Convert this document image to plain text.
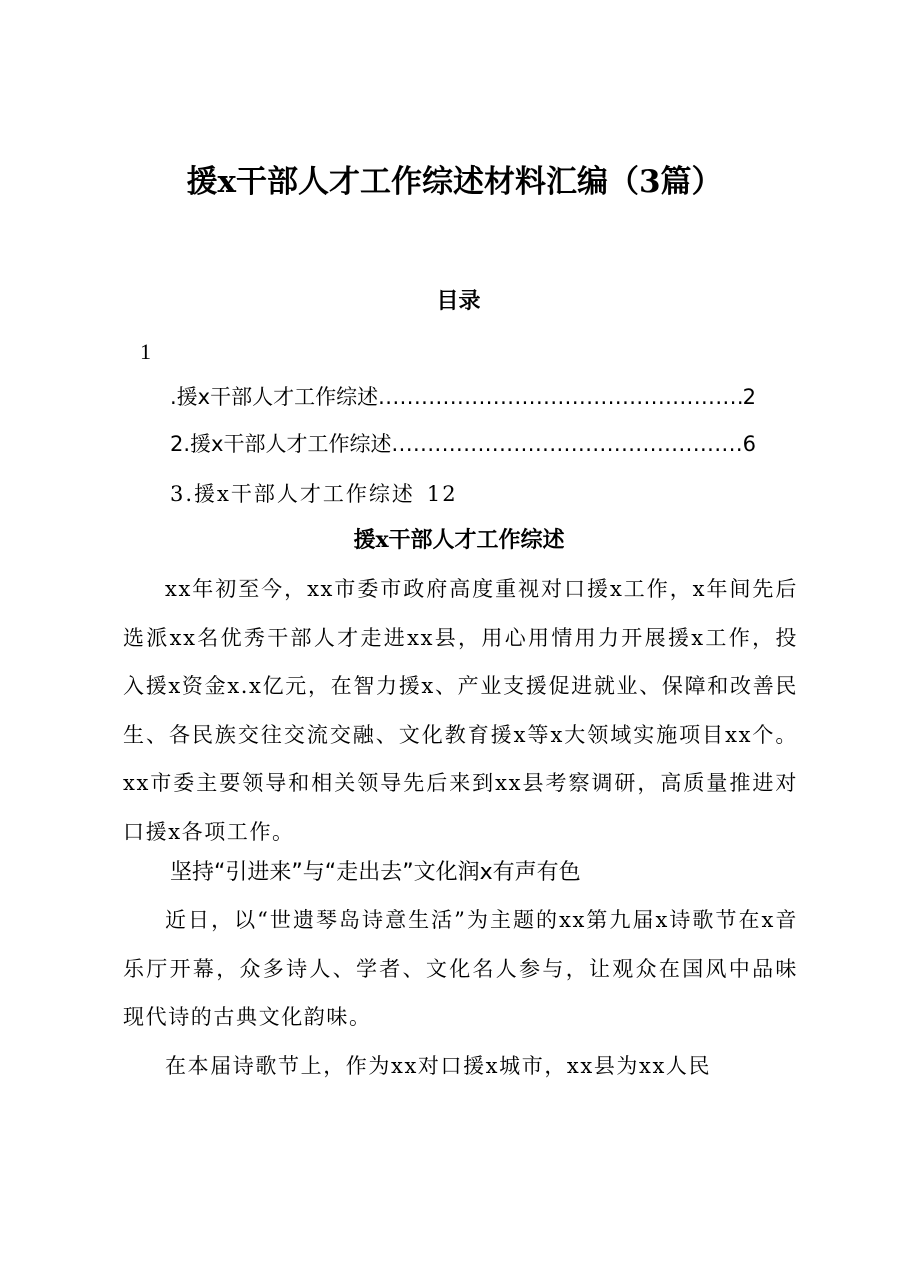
援x干部人才工作综述材料汇编（3篇）
目录
1
.援x干部人才工作综述 .....	2
2.援x干部人才工作综述 .....	6
3.援x干部人才工作综述 12
援x干部人才工作综述

xx年初至今，xx市委市政府高度重视对口援x工作，x年间先后选派xx名优秀干部人才走进xx县，用心用情用力开展援x工作，投入援x资金x.x亿元，在智力援x、产业支援促进就业、保障和改善民生、各民族交往交流交融、文化教育援x等x大领域实施项目xx个。xx市委主要领导和相关领导先后来到xx县考察调研，高质量推进对口援x各项工作。

坚持“引进来”与“走出去”文化润x有声有色

近日，以“世遗琴岛诗意生活”为主题的xx第九届x诗歌节在x音乐厅开幕，众多诗人、学者、文化名人参与，让观众在国风中品味现代诗的古典文化韵味。

在本届诗歌节上，作为xx对口援x城市，xx县为xx人民
